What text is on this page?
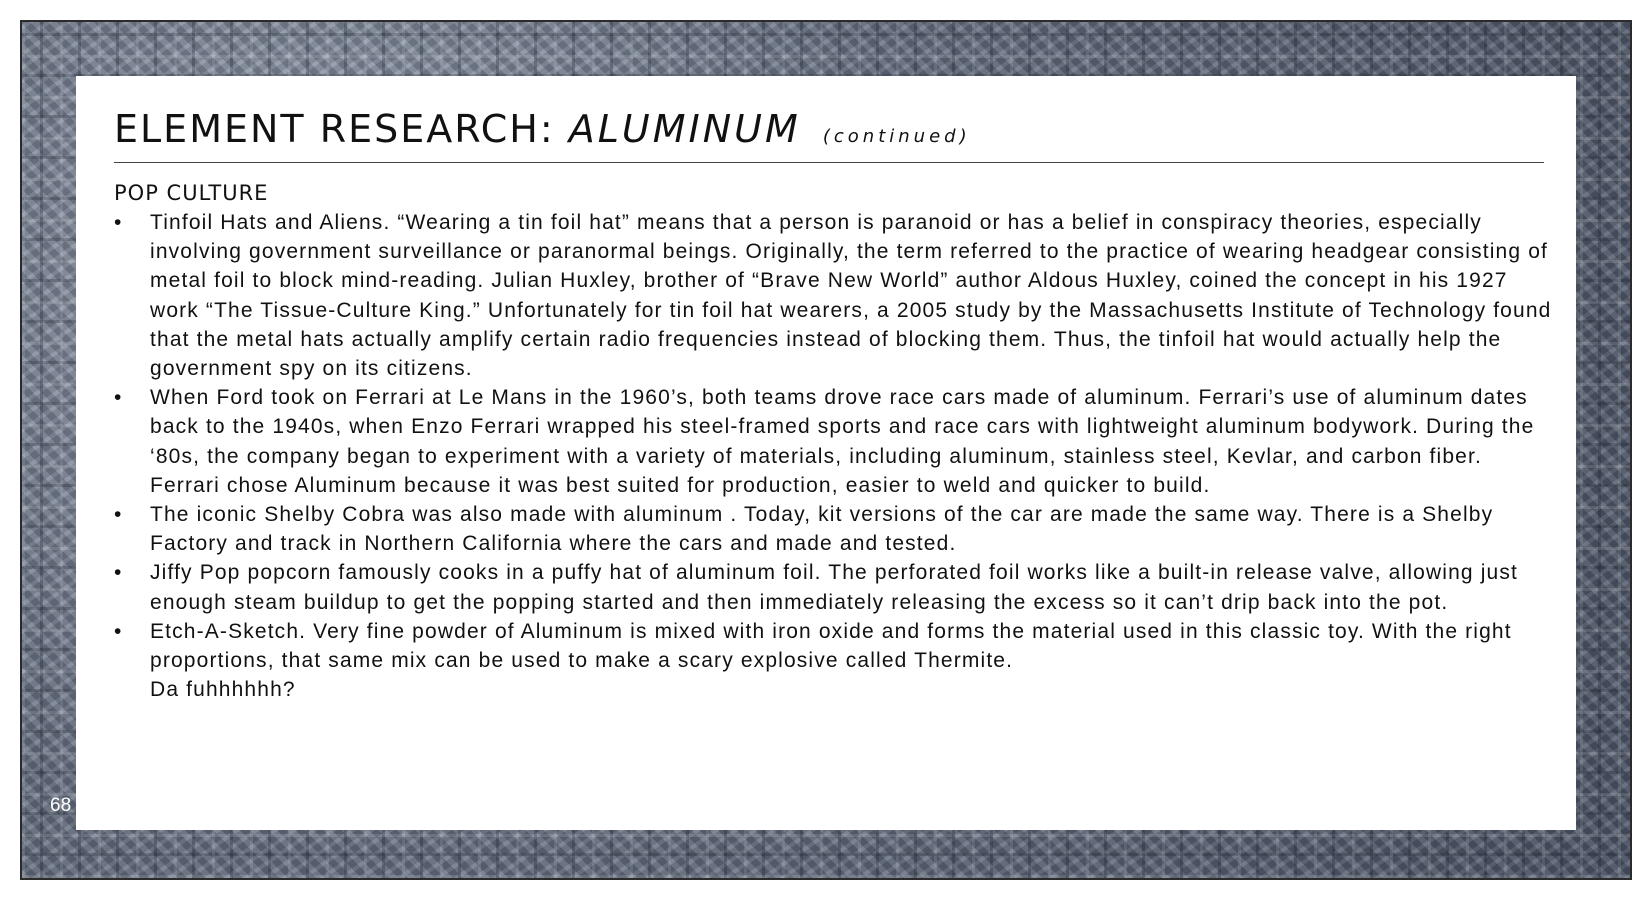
ELEMENT RESEARCH: ALUMINUM (continued)
POP CULTURE
• Tinfoil Hats and Aliens. “Wearing a tin foil hat” means that a person is paranoid or has a belief in conspiracy theories, especially involving government surveillance or paranormal beings. Originally, the term referred to the practice of wearing headgear consisting of metal foil to block mind-reading. Julian Huxley, brother of “Brave New World” author Aldous Huxley, coined the concept in his 1927 work “The Tissue-Culture King.” Unfortunately for tin foil hat wearers, a 2005 study by the Massachusetts Institute of Technology found that the metal hats actually amplify certain radio frequencies instead of blocking them. Thus, the tinfoil hat would actually help the government spy on its citizens.
• When Ford took on Ferrari at Le Mans in the 1960’s, both teams drove race cars made of aluminum. Ferrari’s use of aluminum dates back to the 1940s, when Enzo Ferrari wrapped his steel-framed sports and race cars with lightweight aluminum bodywork. During the ‘80s, the company began to experiment with a variety of materials, including aluminum, stainless steel, Kevlar, and carbon fiber. Ferrari chose Aluminum because it was best suited for production, easier to weld and quicker to build.
• The iconic Shelby Cobra was also made with aluminum . Today, kit versions of the car are made the same way. There is a Shelby Factory and track in Northern California where the cars and made and tested.
• Jiffy Pop popcorn famously cooks in a puffy hat of aluminum foil. The perforated foil works like a built-in release valve, allowing just enough steam buildup to get the popping started and then immediately releasing the excess so it can’t drip back into the pot.
• Etch-A-Sketch. Very fine powder of Aluminum is mixed with iron oxide and forms the material used in this classic toy. With the right proportions, that same mix can be used to make a scary explosive called Thermite.
Da fuhhhhhh?
68
